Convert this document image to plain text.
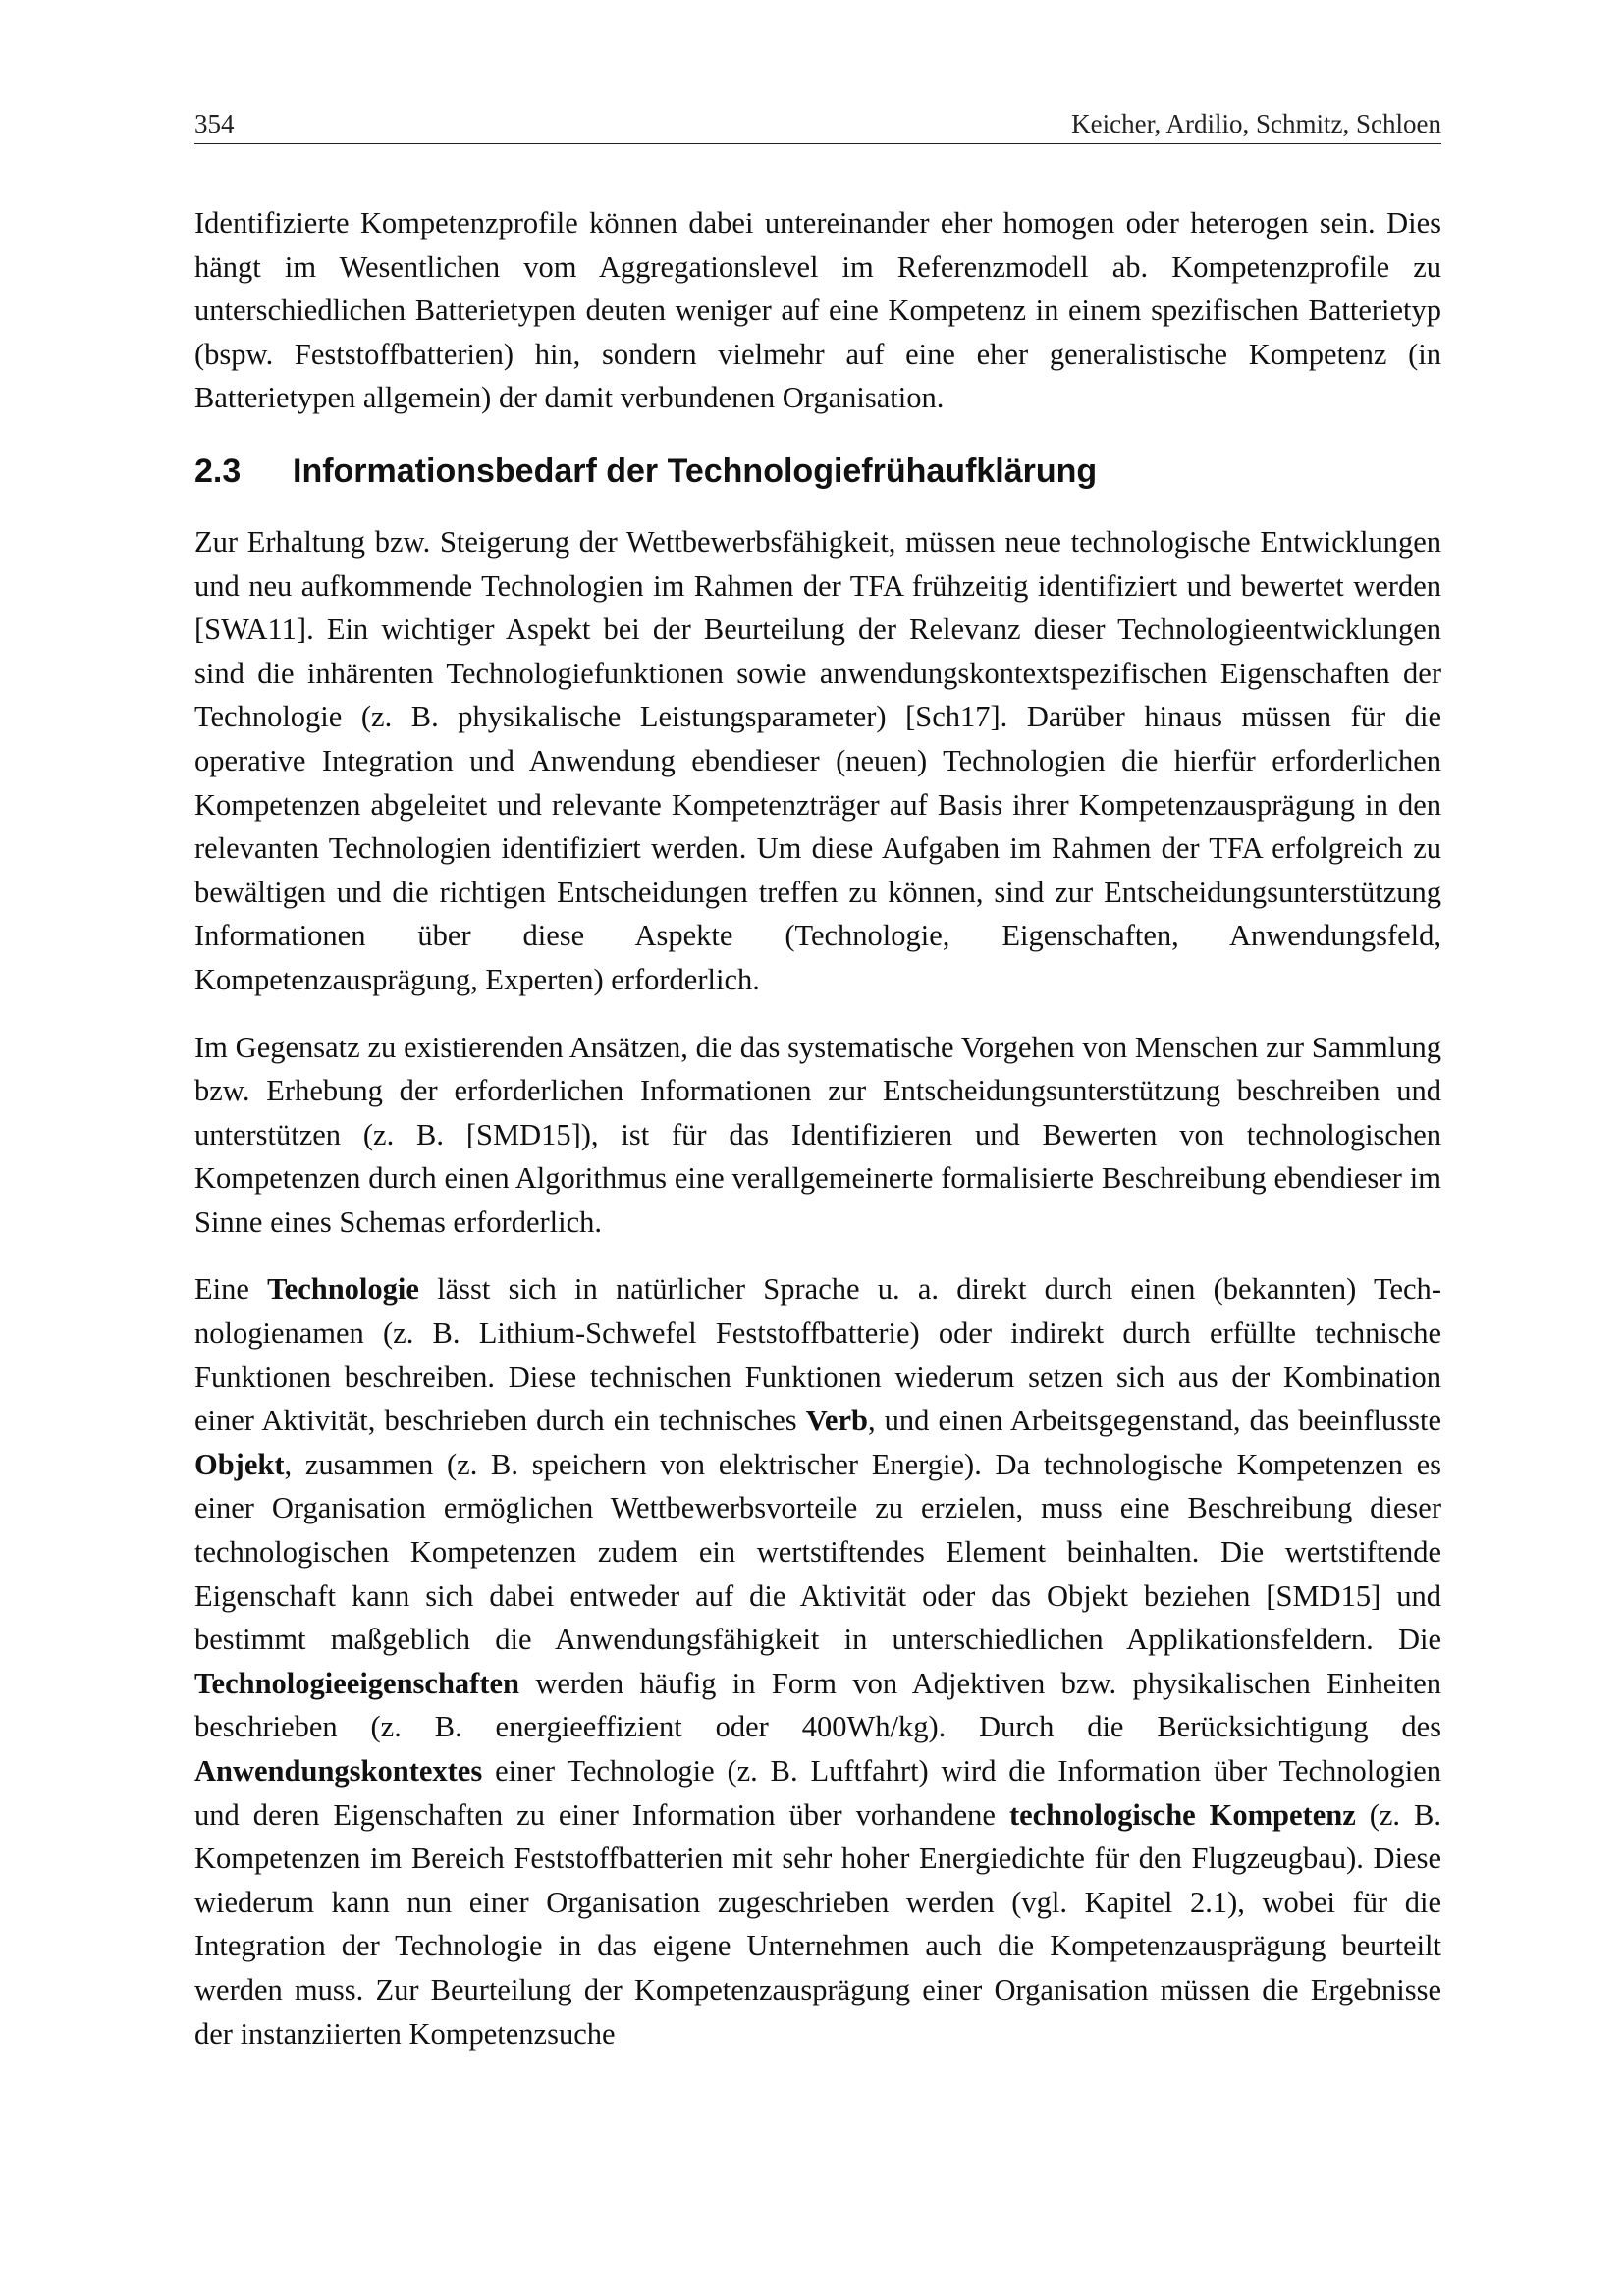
354	Keicher, Ardilio, Schmitz, Schloen

Identifizierte Kompetenzprofile können dabei untereinander eher homogen oder heterogen sein. Dies hängt im Wesentlichen vom Aggregationslevel im Referenzmodell ab. Kompetenzprofile zu unterschiedlichen Batterietypen deuten weniger auf eine Kompetenz in einem spezifischen Batterietyp (bspw. Feststoffbatterien) hin, sondern vielmehr auf eine eher generalistische Kompetenz (in Batterietypen allgemein) der damit verbundenen Organisation.

2.3	Informationsbedarf der Technologiefrühaufklärung

Zur Erhaltung bzw. Steigerung der Wettbewerbsfähigkeit, müssen neue technologische Entwicklungen und neu aufkommende Technologien im Rahmen der TFA frühzeitig identifiziert und bewertet werden [SWA11]. Ein wichtiger Aspekt bei der Beurteilung der Relevanz dieser Technologieentwicklungen sind die inhärenten Technologiefunktionen sowie anwendungskontextspezifischen Eigenschaften der Technologie (z. B. physikalische Leistungsparameter) [Sch17]. Darüber hinaus müssen für die operative Integration und Anwendung ebendieser (neuen) Technologien die hierfür erforderlichen Kompetenzen abgeleitet und relevante Kompetenzträger auf Basis ihrer Kompetenzausprägung in den relevanten Technologien identifiziert werden. Um diese Aufgaben im Rahmen der TFA erfolgreich zu bewältigen und die richtigen Entscheidungen treffen zu können, sind zur Entscheidungsunterstützung Informationen über diese Aspekte (Technologie, Eigenschaften, Anwendungsfeld, Kompetenzausprägung, Experten) erforderlich.

Im Gegensatz zu existierenden Ansätzen, die das systematische Vorgehen von Menschen zur Sammlung bzw. Erhebung der erforderlichen Informationen zur Entscheidungsunterstützung beschreiben und unterstützen (z. B. [SMD15]), ist für das Identifizieren und Bewerten von technologischen Kompetenzen durch einen Algorithmus eine verallgemeinerte formalisierte Beschreibung ebendieser im Sinne eines Schemas erforderlich.

Eine Technologie lässt sich in natürlicher Sprache u. a. direkt durch einen (bekannten) Technologienamen (z. B. Lithium-Schwefel Feststoffbatterie) oder indirekt durch erfüllte technische Funktionen beschreiben. Diese technischen Funktionen wiederum setzen sich aus der Kombination einer Aktivität, beschrieben durch ein technisches Verb, und einen Arbeitsgegenstand, das beeinflusste Objekt, zusammen (z. B. speichern von elektrischer Energie). Da technologische Kompetenzen es einer Organisation ermöglichen Wettbewerbsvorteile zu erzielen, muss eine Beschreibung dieser technologischen Kompetenzen zudem ein wertstiftendes Element beinhalten. Die wertstiftende Eigenschaft kann sich dabei entweder auf die Aktivität oder das Objekt beziehen [SMD15] und bestimmt maßgeblich die Anwendungsfähigkeit in unterschiedlichen Applikationsfeldern. Die Technologieeigenschaften werden häufig in Form von Adjektiven bzw. physikalischen Einheiten beschrieben (z. B. energieeffizient oder 400Wh/kg). Durch die Berücksichtigung des Anwendungskontextes einer Technologie (z. B. Luftfahrt) wird die Information über Technologien und deren Eigenschaften zu einer Information über vorhandene technologische Kompetenz (z. B. Kompetenzen im Bereich Feststoffbatterien mit sehr hoher Energiedichte für den Flugzeugbau). Diese wiederum kann nun einer Organisation zugeschrieben werden (vgl. Kapitel 2.1), wobei für die Integration der Technologie in das eigene Unternehmen auch die Kompetenzausprägung beurteilt werden muss. Zur Beurteilung der Kompetenzausprägung einer Organisation müssen die Ergebnisse der instanziierten Kompetenzsuche
